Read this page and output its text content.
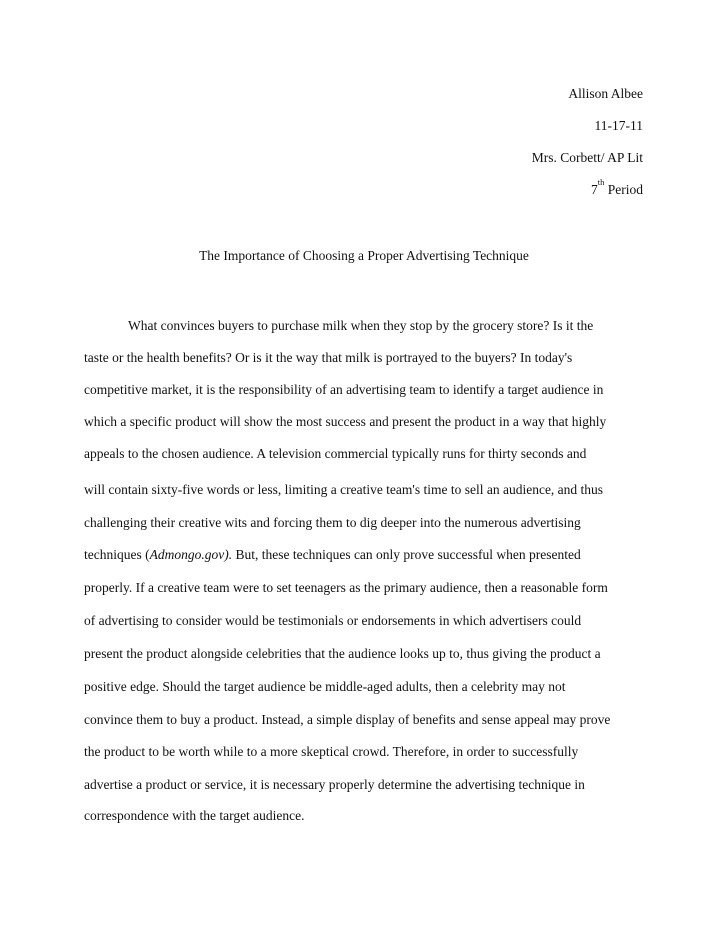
Allison Albee
11-17-11
Mrs. Corbett/ AP Lit
7th Period
The Importance of Choosing a Proper Advertising Technique
What convinces buyers to purchase milk when they stop by the grocery store? Is it the
taste or the health benefits? Or is it the way that milk is portrayed to the buyers? In today's
competitive market, it is the responsibility of an advertising team to identify a target audience in
which a specific product will show the most success and present the product in a way that highly
appeals to the chosen audience. A television commercial typically runs for thirty seconds and
will contain sixty-five words or less, limiting a creative team's time to sell an audience, and thus
challenging their creative wits and forcing them to dig deeper into the numerous advertising
techniques (Admongo.gov). But, these techniques can only prove successful when presented
properly. If a creative team were to set teenagers as the primary audience, then a reasonable form
of advertising to consider would be testimonials or endorsements in which advertisers could
present the product alongside celebrities that the audience looks up to, thus giving the product a
positive edge. Should the target audience be middle-aged adults, then a celebrity may not
convince them to buy a product. Instead, a simple display of benefits and sense appeal may prove
the product to be worth while to a more skeptical crowd. Therefore, in order to successfully
advertise a product or service, it is necessary properly determine the advertising technique in
correspondence with the target audience.
